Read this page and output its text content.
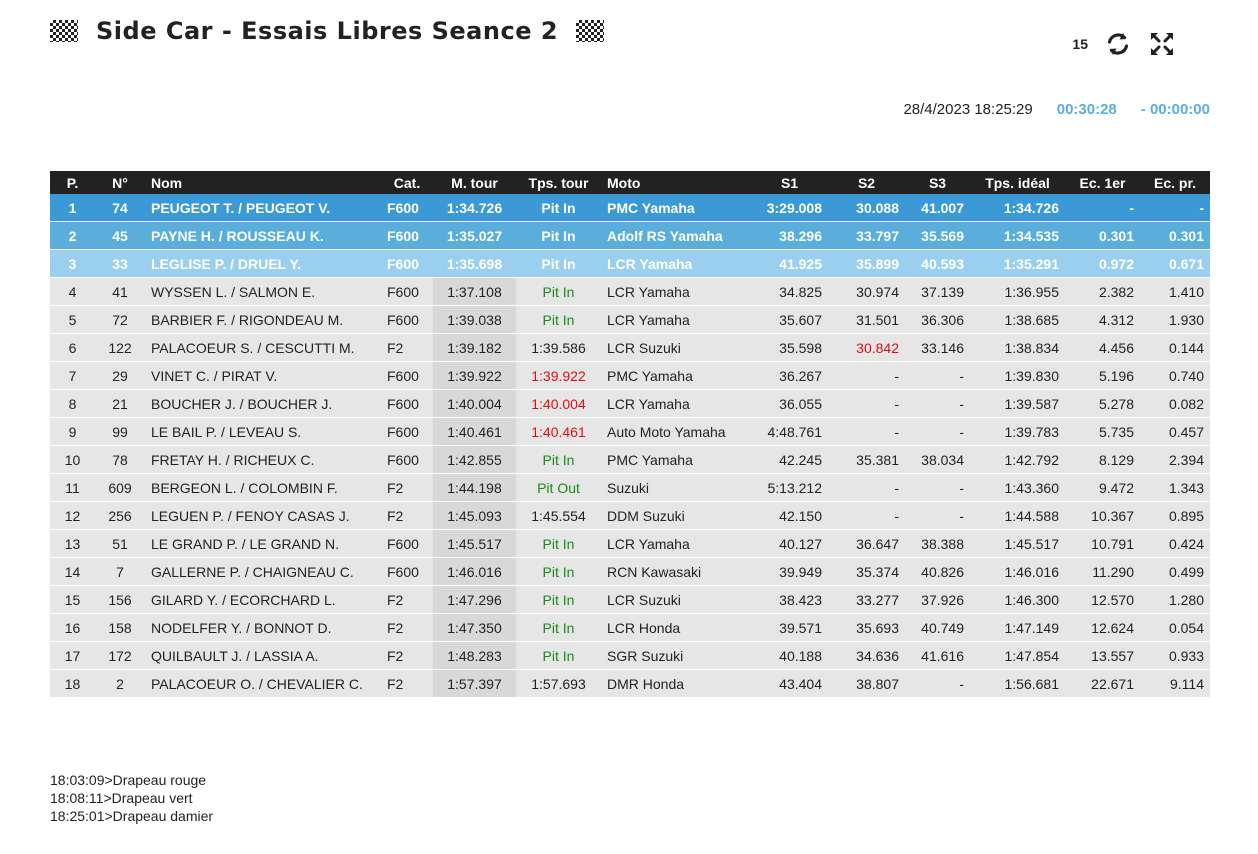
Side Car - Essais Libres Seance 2	15
28/4/2023 18:25:29 00:30:28 - 00:00:00
P.	N°	Nom	Cat.	M. tour	Tps. tour	Moto	S1	S2	S3	Tps. idéal	Ec. 1er	Ec. pr.
1	74	PEUGEOT T. / PEUGEOT V.	F600	1:34.726	Pit In	PMC Yamaha	3:29.008	30.088	41.007	1:34.726	-	-
2	45	PAYNE H. / ROUSSEAU K.	F600	1:35.027	Pit In	Adolf RS Yamaha	38.296	33.797	35.569	1:34.535	0.301	0.301
3	33	LEGLISE P. / DRUEL Y.	F600	1:35.698	Pit In	LCR Yamaha	41.925	35.899	40.593	1:35.291	0.972	0.671
4	41	WYSSEN L. / SALMON E.	F600	1:37.108	Pit In	LCR Yamaha	34.825	30.974	37.139	1:36.955	2.382	1.410
5	72	BARBIER F. / RIGONDEAU M.	F600	1:39.038	Pit In	LCR Yamaha	35.607	31.501	36.306	1:38.685	4.312	1.930
6	122	PALACOEUR S. / CESCUTTI M.	F2	1:39.182	1:39.586	LCR Suzuki	35.598	30.842	33.146	1:38.834	4.456	0.144
7	29	VINET C. / PIRAT V.	F600	1:39.922	1:39.922	PMC Yamaha	36.267	-	-	1:39.830	5.196	0.740
8	21	BOUCHER J. / BOUCHER J.	F600	1:40.004	1:40.004	LCR Yamaha	36.055	-	-	1:39.587	5.278	0.082
9	99	LE BAIL P. / LEVEAU S.	F600	1:40.461	1:40.461	Auto Moto Yamaha	4:48.761	-	-	1:39.783	5.735	0.457
10	78	FRETAY H. / RICHEUX C.	F600	1:42.855	Pit In	PMC Yamaha	42.245	35.381	38.034	1:42.792	8.129	2.394
11	609	BERGEON L. / COLOMBIN F.	F2	1:44.198	Pit Out	Suzuki	5:13.212	-	-	1:43.360	9.472	1.343
12	256	LEGUEN P. / FENOY CASAS J.	F2	1:45.093	1:45.554	DDM Suzuki	42.150	-	-	1:44.588	10.367	0.895
13	51	LE GRAND P. / LE GRAND N.	F600	1:45.517	Pit In	LCR Yamaha	40.127	36.647	38.388	1:45.517	10.791	0.424
14	7	GALLERNE P. / CHAIGNEAU C.	F600	1:46.016	Pit In	RCN Kawasaki	39.949	35.374	40.826	1:46.016	11.290	0.499
15	156	GILARD Y. / ECORCHARD L.	F2	1:47.296	Pit In	LCR Suzuki	38.423	33.277	37.926	1:46.300	12.570	1.280
16	158	NODELFER Y. / BONNOT D.	F2	1:47.350	Pit In	LCR Honda	39.571	35.693	40.749	1:47.149	12.624	0.054
17	172	QUILBAULT J. / LASSIA A.	F2	1:48.283	Pit In	SGR Suzuki	40.188	34.636	41.616	1:47.854	13.557	0.933
18	2	PALACOEUR O. / CHEVALIER C.	F2	1:57.397	1:57.693	DMR Honda	43.404	38.807	-	1:56.681	22.671	9.114
18:03:09>Drapeau rouge
18:08:11>Drapeau vert
18:25:01>Drapeau damier
